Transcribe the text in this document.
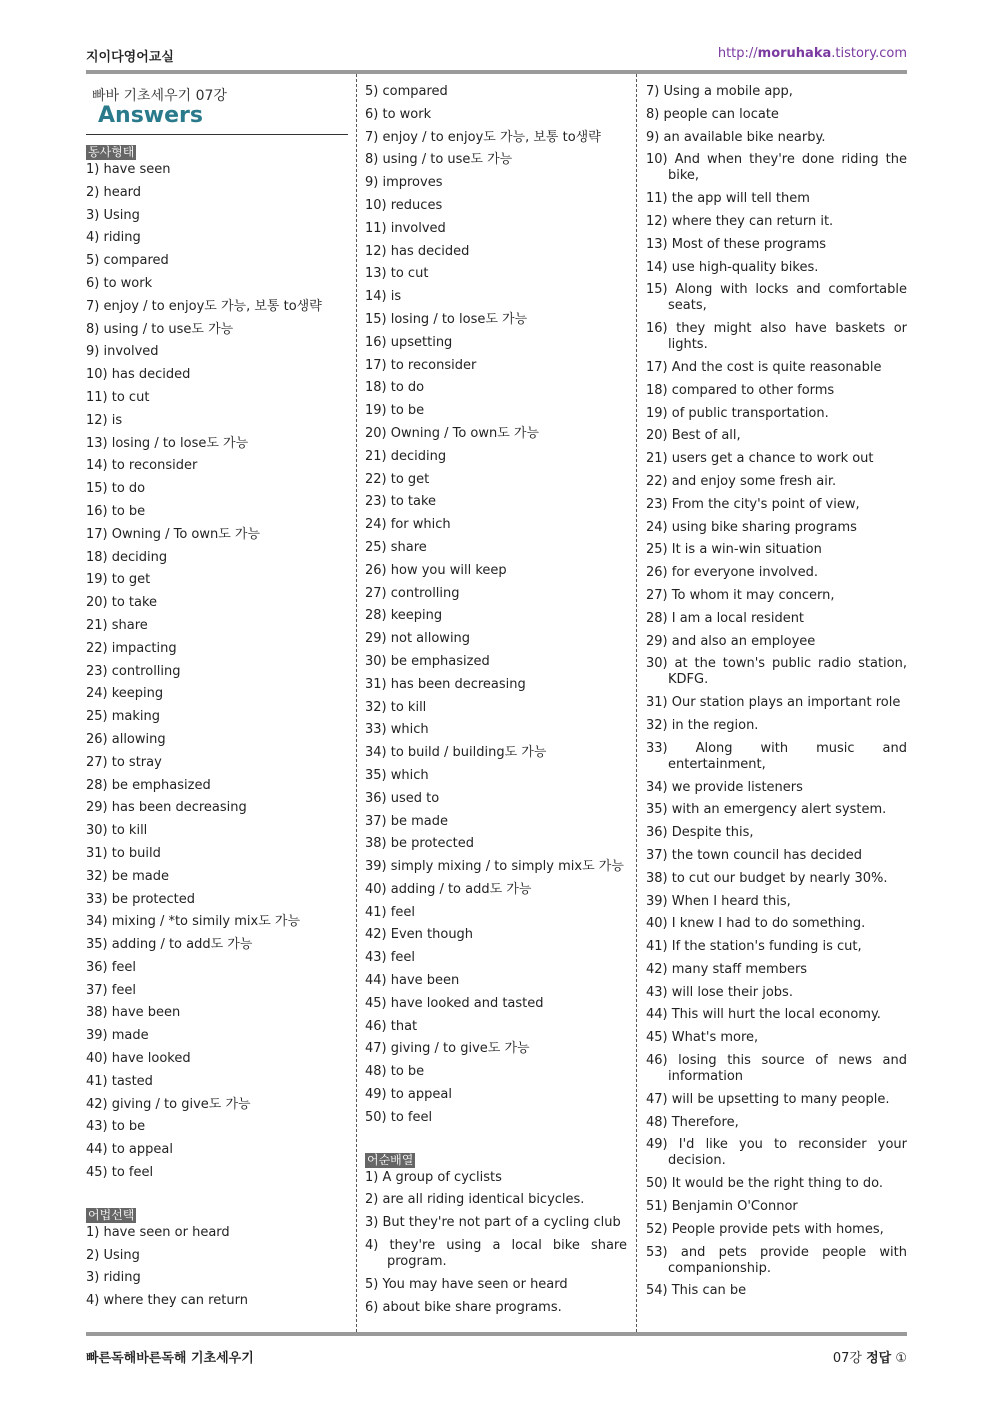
지이다영어교실	http://moruhaka.tistory.com
빠바 기초세우기 07강
Answers
동사형태
1) have seen
2) heard
3) Using
4) riding
5) compared
6) to work
7) enjoy / to enjoy도 가능, 보통 to생략
8) using / to use도 가능
9) involved
10) has decided
11) to cut
12) is
13) losing / to lose도 가능
14) to reconsider
15) to do
16) to be
17) Owning / To own도 가능
18) deciding
19) to get
20) to take
21) share
22) impacting
23) controlling
24) keeping
25) making
26) allowing
27) to stray
28) be emphasized
29) has been decreasing
30) to kill
31) to build
32) be made
33) be protected
34) mixing / *to simily mix도 가능
35) adding / to add도 가능
36) feel
37) feel
38) have been
39) made
40) have looked
41) tasted
42) giving / to give도 가능
43) to be
44) to appeal
45) to feel
어법선택
1) have seen or heard
2) Using
3) riding
4) where they can return
5) compared
6) to work
7) enjoy / to enjoy도 가능, 보통 to생략
8) using / to use도 가능
9) improves
10) reduces
11) involved
12) has decided
13) to cut
14) is
15) losing / to lose도 가능
16) upsetting
17) to reconsider
18) to do
19) to be
20) Owning / To own도 가능
21) deciding
22) to get
23) to take
24) for which
25) share
26) how you will keep
27) controlling
28) keeping
29) not allowing
30) be emphasized
31) has been decreasing
32) to kill
33) which
34) to build / building도 가능
35) which
36) used to
37) be made
38) be protected
39) simply mixing / to simply mix도 가능
40) adding / to add도 가능
41) feel
42) Even though
43) feel
44) have been
45) have looked and tasted
46) that
47) giving / to give도 가능
48) to be
49) to appeal
50) to feel
어순배열
1) A group of cyclists
2) are all riding identical bicycles.
3) But they're not part of a cycling club
4) they're using a local bike share program.
5) You may have seen or heard
6) about bike share programs.
7) Using a mobile app,
8) people can locate
9) an available bike nearby.
10) And when they're done riding the bike,
11) the app will tell them
12) where they can return it.
13) Most of these programs
14) use high-quality bikes.
15) Along with locks and comfortable seats,
16) they might also have baskets or lights.
17) And the cost is quite reasonable
18) compared to other forms
19) of public transportation.
20) Best of all,
21) users get a chance to work out
22) and enjoy some fresh air.
23) From the city's point of view,
24) using bike sharing programs
25) It is a win-win situation
26) for everyone involved.
27) To whom it may concern,
28) I am a local resident
29) and also an employee
30) at the town's public radio station, KDFG.
31) Our station plays an important role
32) in the region.
33) Along with music and entertainment,
34) we provide listeners
35) with an emergency alert system.
36) Despite this,
37) the town council has decided
38) to cut our budget by nearly 30%.
39) When I heard this,
40) I knew I had to do something.
41) If the station's funding is cut,
42) many staff members
43) will lose their jobs.
44) This will hurt the local economy.
45) What's more,
46) losing this source of news and information
47) will be upsetting to many people.
48) Therefore,
49) I'd like you to reconsider your decision.
50) It would be the right thing to do.
51) Benjamin O'Connor
52) People provide pets with homes,
53) and pets provide people with companionship.
54) This can be
빠른독해바른독해 기초세우기	07강 정답 ①
